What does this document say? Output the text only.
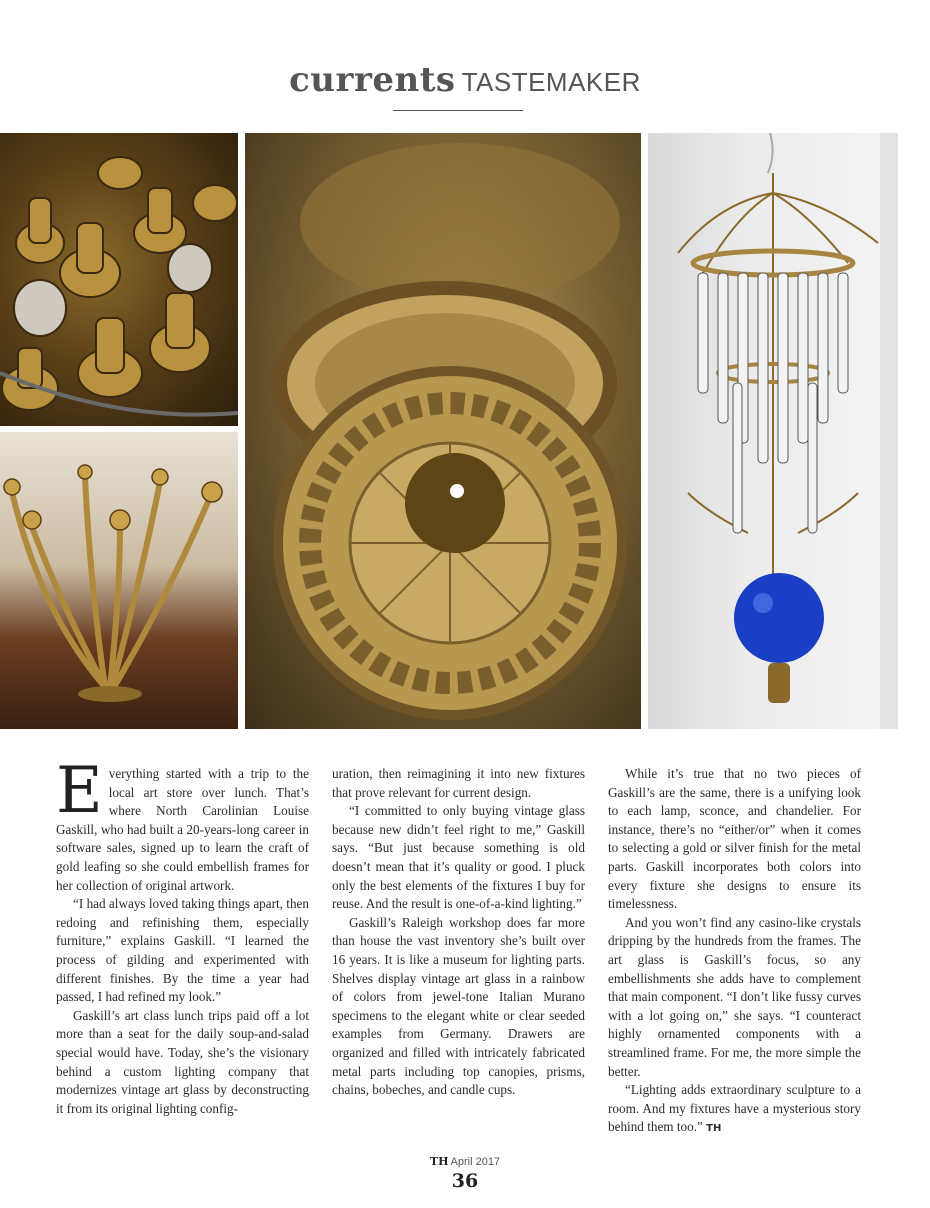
currents TASTEMAKER

Everything started with a trip to the local art store over lunch. That’s where North Carolinian Louise Gaskill, who had built a 20-years-long career in software sales, signed up to learn the craft of gold leafing so she could embellish frames for her collection of original artwork.

“I had always loved taking things apart, then redoing and refinishing them, especially furniture,” explains Gaskill. “I learned the process of gilding and experimented with different finishes. By the time a year had passed, I had refined my look.”

Gaskill’s art class lunch trips paid off a lot more than a seat for the daily soup-and-salad special would have. Today, she’s the visionary behind a custom lighting company that modernizes vintage art glass by deconstructing it from its original lighting config-

uration, then reimagining it into new fixtures that prove relevant for current design.

“I committed to only buying vintage glass because new didn’t feel right to me,” Gaskill says. “But just because something is old doesn’t mean that it’s quality or good. I pluck only the best elements of the fixtures I buy for reuse. And the result is one-of-a-kind lighting.”

Gaskill’s Raleigh workshop does far more than house the vast inventory she’s built over 16 years. It is like a museum for lighting parts. Shelves display vintage art glass in a rainbow of colors from jewel-tone Italian Murano specimens to the elegant white or clear seeded examples from Germany. Drawers are organized and filled with intricately fabricated metal parts including top canopies, prisms, chains, bobeches, and candle cups.

While it’s true that no two pieces of Gaskill’s are the same, there is a unifying look to each lamp, sconce, and chandelier. For instance, there’s no “either/or” when it comes to selecting a gold or silver finish for the metal parts. Gaskill incorporates both colors into every fixture she designs to ensure its timelessness.

And you won’t find any casino-like crystals dripping by the hundreds from the frames. The art glass is Gaskill’s focus, so any embellishments she adds have to complement that main component. “I don’t like fussy curves with a lot going on,” she says. “I counteract highly ornamented components with a streamlined frame. For me, the more simple the better.

“Lighting adds extraordinary sculpture to a room. And my fixtures have a mysterious story behind them too.” TH

TH April 2017
36
